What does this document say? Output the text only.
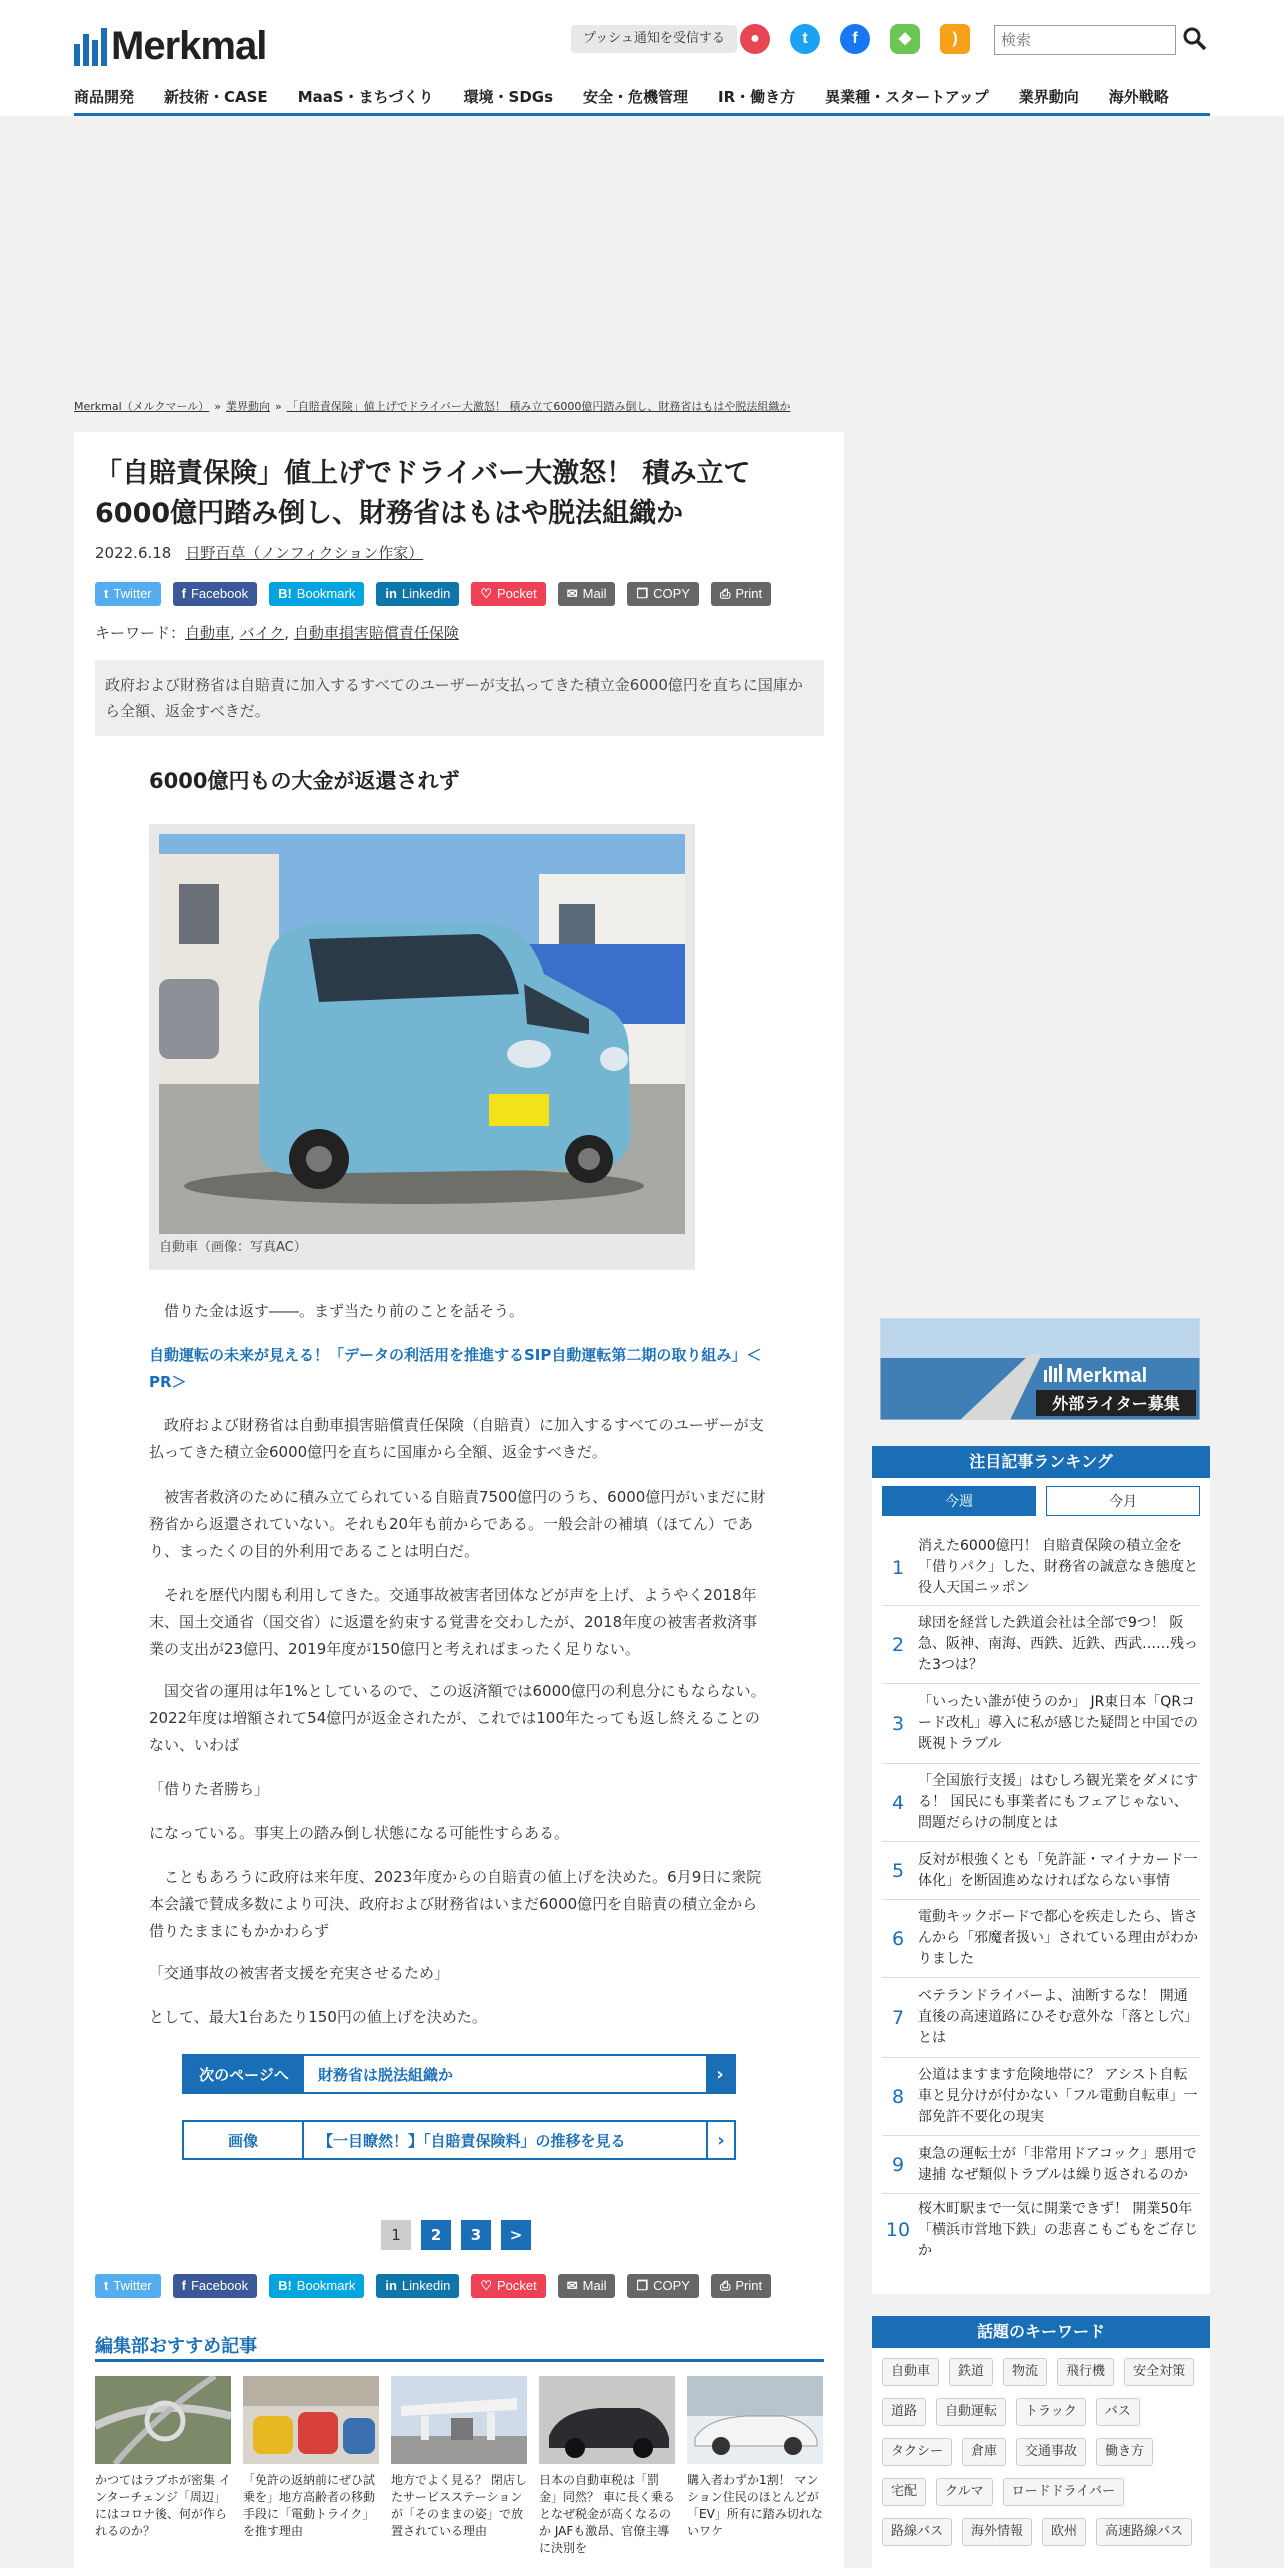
Merkmal	プッシュ通知を受信する	●	t	f	◆	)
検索
商品開発 新技術・CASE MaaS・まちづくり 環境・SDGs 安全・危機管理 IR・働き方 異業種・スタートアップ 業界動向 海外戦略
Merkmal（メルクマール） » 業界動向 » 「自賠責保険」値上げでドライバー大激怒！ 積み立て6000億円踏み倒し、財務省はもはや脱法組織か
「自賠責保険」値上げでドライバー大激怒！ 積み立て6000億円踏み倒し、財務省はもはや脱法組織か
2022.6.18 日野百草（ノンフィクション作家）
t Twitter f Facebook B! Bookmark in Linkedin ♡ Pocket ✉ Mail ❐ COPY ⎙ Print
キーワード：自動車, バイク, 自動車損害賠償責任保険
政府および財務省は自賠責に加入するすべてのユーザーが支払ってきた積立金6000億円を直ちに国庫から全額、返金すべきだ。
6000億円もの大金が返還されず
自動車（画像：写真AC）

借りた金は返す――。まず当たり前のことを話そう。

自動運転の未来が見える！「データの利活用を推進するSIP自動運転第二期の取り組み」＜PR＞

政府および財務省は自動車損害賠償責任保険（自賠責）に加入するすべてのユーザーが支払ってきた積立金6000億円を直ちに国庫から全額、返金すべきだ。

被害者救済のために積み立てられている自賠責7500億円のうち、6000億円がいまだに財務省から返還されていない。それも20年も前からである。一般会計の補填（ほてん）であり、まったくの目的外利用であることは明白だ。

それを歴代内閣も利用してきた。交通事故被害者団体などが声を上げ、ようやく2018年末、国土交通省（国交省）に返還を約束する覚書を交わしたが、2018年度の被害者救済事業の支出が23億円、2019年度が150億円と考えればまったく足りない。

国交省の運用は年1%としているので、この返済額では6000億円の利息分にもならない。2022年度は増額されて54億円が返金されたが、これでは100年たっても返し終えることのない、いわば

「借りた者勝ち」

になっている。事実上の踏み倒し状態になる可能性すらある。

こともあろうに政府は来年度、2023年度からの自賠責の値上げを決めた。6月9日に衆院本会議で賛成多数により可決、政府および財務省はいまだ6000億円を自賠責の積立金から借りたままにもかかわらず

「交通事故の被害者支援を充実させるため」

として、最大1台あたり150円の値上げを決めた。

次のページへ	財務省は脱法組織か	›
画像	【一目瞭然！】「自賠責保険料」の推移を見る	›
1	2	3	>
t Twitter f Facebook B! Bookmark in Linkedin ♡ Pocket ✉ Mail ❐ COPY ⎙ Print
編集部おすすめ記事
かつてはラブホが密集 インターチェンジ「周辺」にはコロナ後、何が作られるのか？
「免許の返納前にぜひ試乗を」地方高齢者の移動手段に「電動トライク」を推す理由
地方でよく見る？ 閉店したサービスステーションが「そのままの姿」で放置されている理由
日本の自動車税は「罰金」同然？ 車に長く乗るとなぜ税金が高くなるのか JAFも激昂、官僚主導に決別を
購入者わずか1割！ マンション住民のほとんどが「EV」所有に踏み切れないワケ
Merkmal
外部ライター募集
注目記事ランキング
今週	今月
1
消えた6000億円！ 自賠責保険の積立金を「借りパク」した、財務省の誠意なき態度と役人天国ニッポン
2
球団を経営した鉄道会社は全部で9つ！ 阪急、阪神、南海、西鉄、近鉄、西武……残った3つは？
3
「いったい誰が使うのか」 JR東日本「QRコード改札」導入に私が感じた疑問と中国での既視トラブル
4
「全国旅行支援」はむしろ観光業をダメにする！ 国民にも事業者にもフェアじゃない、問題だらけの制度とは
5 反対が根強くとも「免許証・マイナカード一体化」を断固進めなければならない事情
6
電動キックボードで都心を疾走したら、皆さんから「邪魔者扱い」されている理由がわかりました
7
ベテランドライバーよ、油断するな！ 開通直後の高速道路にひそむ意外な「落とし穴」とは
8
公道はますます危険地帯に？ アシスト自転車と見分けが付かない「フル電動自転車」一部免許不要化の現実
9 東急の運転士が「非常用ドアコック」悪用で逮捕 なぜ類似トラブルは繰り返されるのか
10
桜木町駅まで一気に開業できず！ 開業50年「横浜市営地下鉄」の悲喜こもごもをご存じか
話題のキーワード
自動車	鉄道	物流	飛行機	安全対策
道路	自動運転	トラック	バス
タクシー	倉庫	交通事故	働き方
宅配	クルマ	ロードドライバー
路線バス	海外情報	欧州	高速路線バス
